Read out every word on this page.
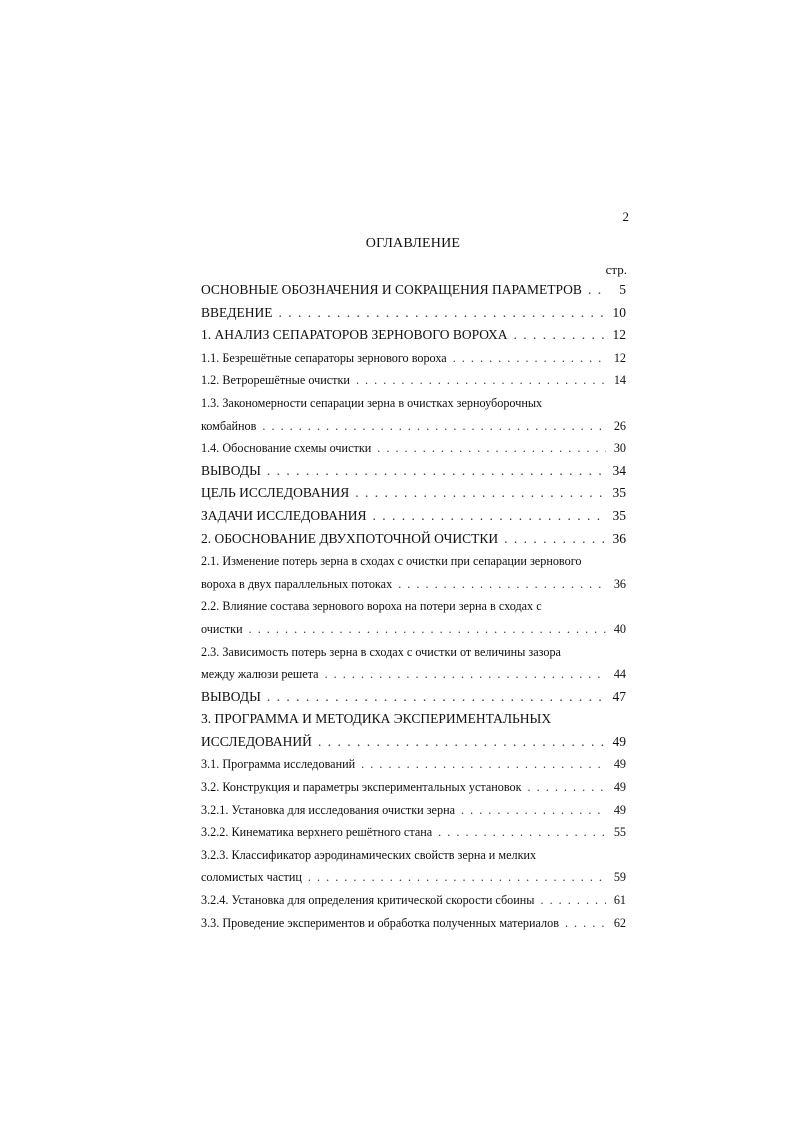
2
ОГЛАВЛЕНИЕ
стр.
ОСНОВНЫЕ ОБОЗНАЧЕНИЯ И СОКРАЩЕНИЯ ПАРАМЕТРОВ . . .	5
ВВЕДЕНИЕ . . .	10
1. АНАЛИЗ СЕПАРАТОРОВ ЗЕРНОВОГО ВОРОХА . . .	12
1.1. Безрешётные сепараторы зернового вороха . . .	12
1.2. Ветрорешётные очистки . . .	14
1.3. Закономерности сепарации зерна в очистках зерноуборочных
комбайнов . . .	26
1.4. Обоснование схемы очистки . . .	30
ВЫВОДЫ . . .	34
ЦЕЛЬ ИССЛЕДОВАНИЯ . . .	35
ЗАДАЧИ ИССЛЕДОВАНИЯ . . .	35
2. ОБОСНОВАНИЕ ДВУХПОТОЧНОЙ ОЧИСТКИ . . .	36
2.1. Изменение потерь зерна в сходах с очистки при сепарации зернового
вороха в двух параллельных потоках . . .	36
2.2. Влияние состава зернового вороха на потери зерна в сходах с
очистки . . .	40
2.3. Зависимость потерь зерна в сходах с очистки от величины зазора
между жалюзи решета . . .	44
ВЫВОДЫ . . .	47
3. ПРОГРАММА И МЕТОДИКА ЭКСПЕРИМЕНТАЛЬНЫХ
ИССЛЕДОВАНИЙ . . .	49
3.1. Программа исследований . . .	49
3.2. Конструкция и параметры экспериментальных установок . . .	49
3.2.1. Установка для исследования очистки зерна . . .	49
3.2.2. Кинематика верхнего решётного стана . . .	55
3.2.3. Классификатор аэродинамических свойств зерна и мелких
соломистых частиц . . .	59
3.2.4. Установка для определения критической скорости сбоины . . .	61
3.3. Проведение экспериментов и обработка полученных материалов . . .	62
